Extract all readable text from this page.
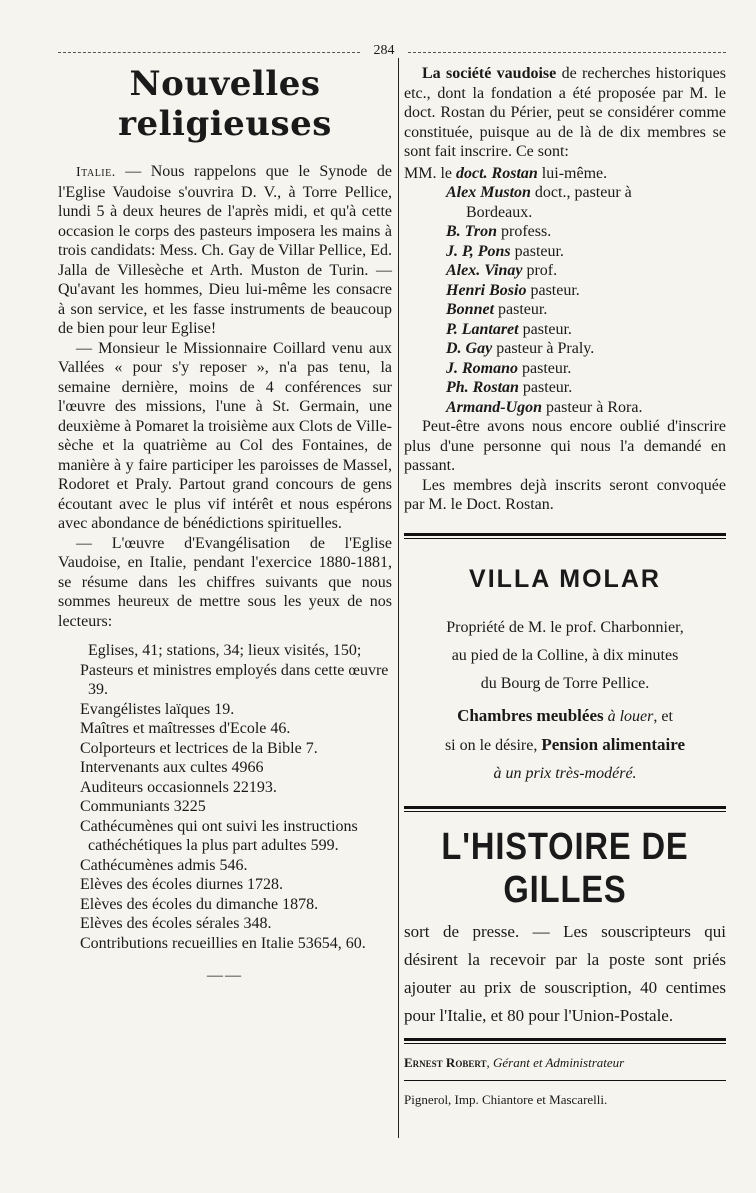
284
Nouvelles religieuses

Italie. — Nous rappelons que le Synode de l'Eglise Vaudoise s'ouvrira D. V., à Torre Pellice, lundi 5 à deux heures de l'après midi, et qu'à cette occasion le corps des pasteurs imposera les mains à trois candidats: Mess. Ch. Gay de Villar Pellice, Ed. Jalla de Villesèche et Arth. Muston de Turin. — Qu'avant les hommes, Dieu lui-même les consacre à son service, et les fasse instruments de beaucoup de bien pour leur Eglise!

— Monsieur le Missionnaire Coillard venu aux Vallées « pour s'y reposer », n'a pas tenu, la semaine dernière, moins de 4 conférences sur l'œuvre des missions, l'une à St. Germain, une deuxième à Pomaret la troisième aux Clots de Ville-sèche et la quatrième au Col des Fontaines, de manière à y faire participer les paroisses de Massel, Rodoret et Praly. Partout grand concours de gens écoutant avec le plus vif intérêt et nous espérons avec abondance de bénédictions spirituelles.

— L'œuvre d'Evangélisation de l'Eglise Vaudoise, en Italie, pendant l'exercice 1880-1881, se résume dans les chiffres suivants que nous sommes heureux de mettre sous les yeux de nos lecteurs:

Eglises, 41; stations, 34; lieux visités, 150;
Pasteurs et ministres employés dans cette œuvre 39.
Evangélistes laïques 19.
Maîtres et maîtresses d'Ecole 46.
Colporteurs et lectrices de la Bible 7.
Intervenants aux cultes 4966
Auditeurs occasionnels 22193.
Communiants 3225
Cathécumènes qui ont suivi les instructions cathéchétiques la plus part adultes 599.
Cathécumènes admis 546.
Elèves des écoles diurnes 1728.
Elèves des écoles du dimanche 1878.
Elèves des écoles sérales 348.
Contributions recueillies en Italie 53654, 60.
——

La société vaudoise de recherches historiques etc., dont la fondation a été proposée par M. le doct. Rostan du Périer, peut se considérer comme constituée, puisque au de là de dix membres se sont fait inscrire. Ce sont:

MM. le doct. Rostan lui-même.
Alex Muston doct., pasteur à
Bordeaux.
B. Tron profess.
J. P, Pons pasteur.
Alex. Vinay prof.
Henri Bosio pasteur.
Bonnet pasteur.
P. Lantaret pasteur.
D. Gay pasteur à Praly.
J. Romano pasteur.
Ph. Rostan pasteur.
Armand-Ugon pasteur à Rora.

Peut-être avons nous encore oublié d'inscrire plus d'une personne qui nous l'a demandé en passant.

Les membres dejà inscrits seront convoquée par M. le Doct. Rostan.

VILLA MOLAR
Propriété de M. le prof. Charbonnier,
au pied de la Colline, à dix minutes
du Bourg de Torre Pellice.
Chambres meublées à louer, et
si on le désire, Pension alimentaire
à un prix très-modéré.
L'HISTOIRE DE GILLES

sort de presse. — Les souscripteurs qui désirent la recevoir par la poste sont priés ajouter au prix de souscription, 40 centimes pour l'Italie, et 80 pour l'Union-Postale.

Ernest Robert, Gérant et Administrateur
Pignerol, Imp. Chiantore et Mascarelli.
